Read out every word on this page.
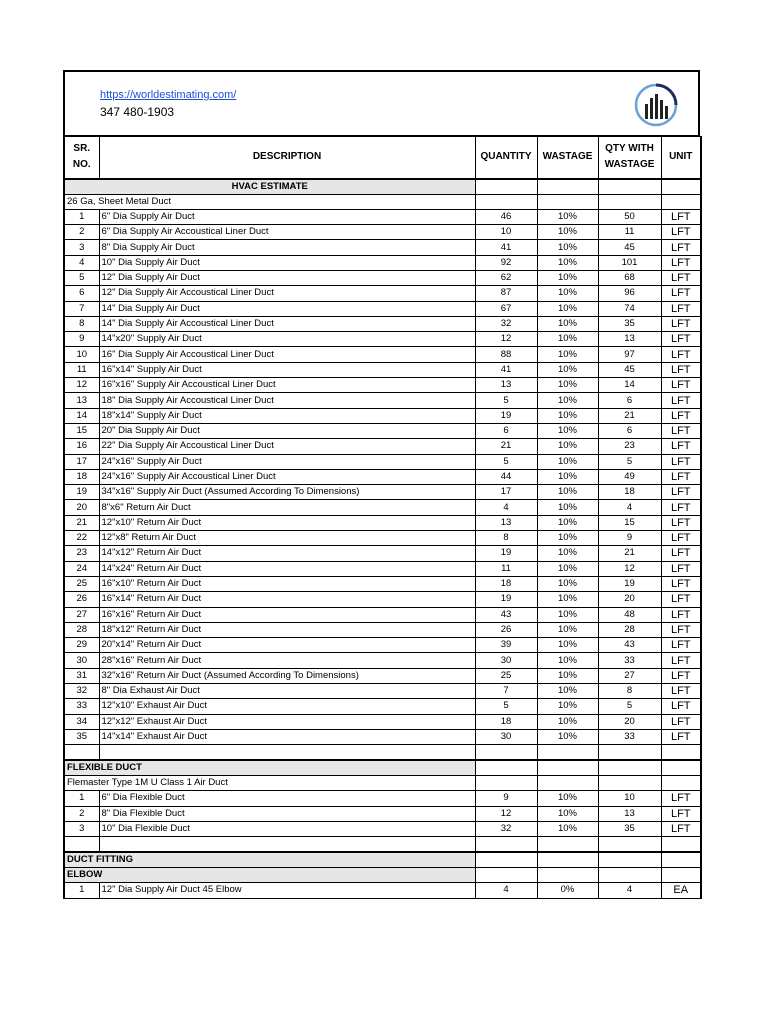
https://worldestimating.com/
347 480-1903
SR. NO.	DESCRIPTION	QUANTITY	WASTAGE	QTY WITH WASTAGE	UNIT
HVAC ESTIMATE					
26 Ga, Sheet Metal Duct					
1	6" Dia Supply Air Duct	46	10%	50	LFT
2	6" Dia Supply Air Accoustical Liner Duct	10	10%	11	LFT
3	8" Dia Supply Air Duct	41	10%	45	LFT
4	10" Dia Supply Air Duct	92	10%	101	LFT
5	12" Dia Supply Air Duct	62	10%	68	LFT
6	12" Dia Supply Air Accoustical Liner Duct	87	10%	96	LFT
7	14" Dia Supply Air Duct	67	10%	74	LFT
8	14" Dia Supply Air Accoustical Liner Duct	32	10%	35	LFT
9	14"x20" Supply Air Duct	12	10%	13	LFT
10	16" Dia Supply Air Accoustical Liner Duct	88	10%	97	LFT
11	16"x14" Supply Air Duct	41	10%	45	LFT
12	16"x16" Supply Air Accoustical Liner Duct	13	10%	14	LFT
13	18" Dia Supply Air Accoustical Liner Duct	5	10%	6	LFT
14	18"x14" Supply Air Duct	19	10%	21	LFT
15	20" Dia Supply Air Duct	6	10%	6	LFT
16	22" Dia Supply Air Accoustical Liner Duct	21	10%	23	LFT
17	24"x16" Supply Air Duct	5	10%	5	LFT
18	24"x16" Supply Air Accoustical Liner Duct	44	10%	49	LFT
19	34"x16" Supply Air Duct (Assumed According To Dimensions)	17	10%	18	LFT
20	8"x6" Return Air Duct	4	10%	4	LFT
21	12"x10" Return Air Duct	13	10%	15	LFT
22	12"x8" Return Air Duct	8	10%	9	LFT
23	14"x12" Return Air Duct	19	10%	21	LFT
24	14"x24" Return Air Duct	11	10%	12	LFT
25	16"x10" Return Air Duct	18	10%	19	LFT
26	16"x14" Return Air Duct	19	10%	20	LFT
27	16"x16" Return Air Duct	43	10%	48	LFT
28	18"x12" Return Air Duct	26	10%	28	LFT
29	20"x14" Return Air Duct	39	10%	43	LFT
30	28"x16" Return Air Duct	30	10%	33	LFT
31	32"x16" Return Air Duct (Assumed According To Dimensions)	25	10%	27	LFT
32	8" Dia Exhaust Air Duct	7	10%	8	LFT
33	12"x10" Exhaust Air Duct	5	10%	5	LFT
34	12"x12" Exhaust Air Duct	18	10%	20	LFT
35	14"x14" Exhaust Air Duct	30	10%	33	LFT

FLEXIBLE DUCT					
Flemaster Type 1M U Class 1 Air Duct					
1	6" Dia Flexible Duct	9	10%	10	LFT
2	8" Dia Flexible Duct	12	10%	13	LFT
3	10" Dia Flexible Duct	32	10%	35	LFT

DUCT FITTING					
ELBOW					
1	12" Dia Supply Air Duct 45 Elbow	4	0%	4	EA
